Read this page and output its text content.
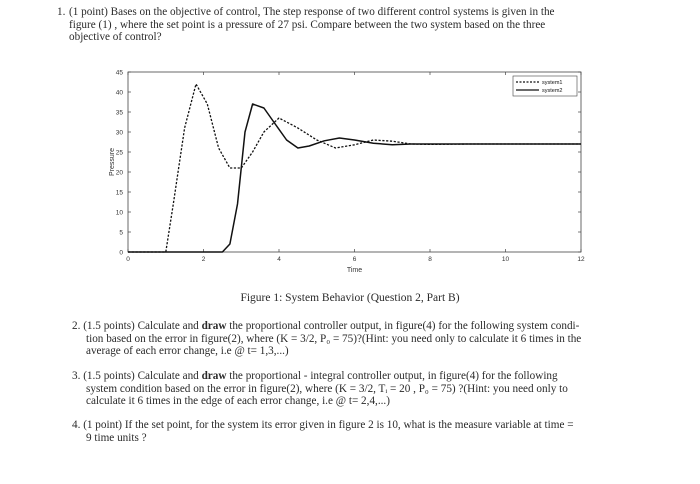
1. (1 point) Bases on the objective of control, The step response of two different control systems is given in the
figure (1) , where the set point is a pressure of 27 psi. Compare between the two system based on the three
objective of control?
0	2	4	6	8	10	12
0
5
10
15
20
25
30
35
40
45
Time
Pressure
system1
system2
Figure 1: System Behavior (Question 2, Part B)
2. (1.5 points) Calculate and draw the proportional controller output, in figure(4) for the following system condi-
tion based on the error in figure(2), where (K = 3/2, P₀ = 75)?(Hint: you need only to calculate it 6 times in the
average of each error change, i.e @ t= 1,3,...)
3. (1.5 points) Calculate and draw the proportional - integral controller output, in figure(4) for the following
system condition based on the error in figure(2), where (K = 3/2, Tᵢ = 20 , P₀ = 75) ?(Hint: you need only to
calculate it 6 times in the edge of each error change, i.e @ t= 2,4,...)
4. (1 point) If the set point, for the system its error given in figure 2 is 10, what is the measure variable at time =
9 time units ?
